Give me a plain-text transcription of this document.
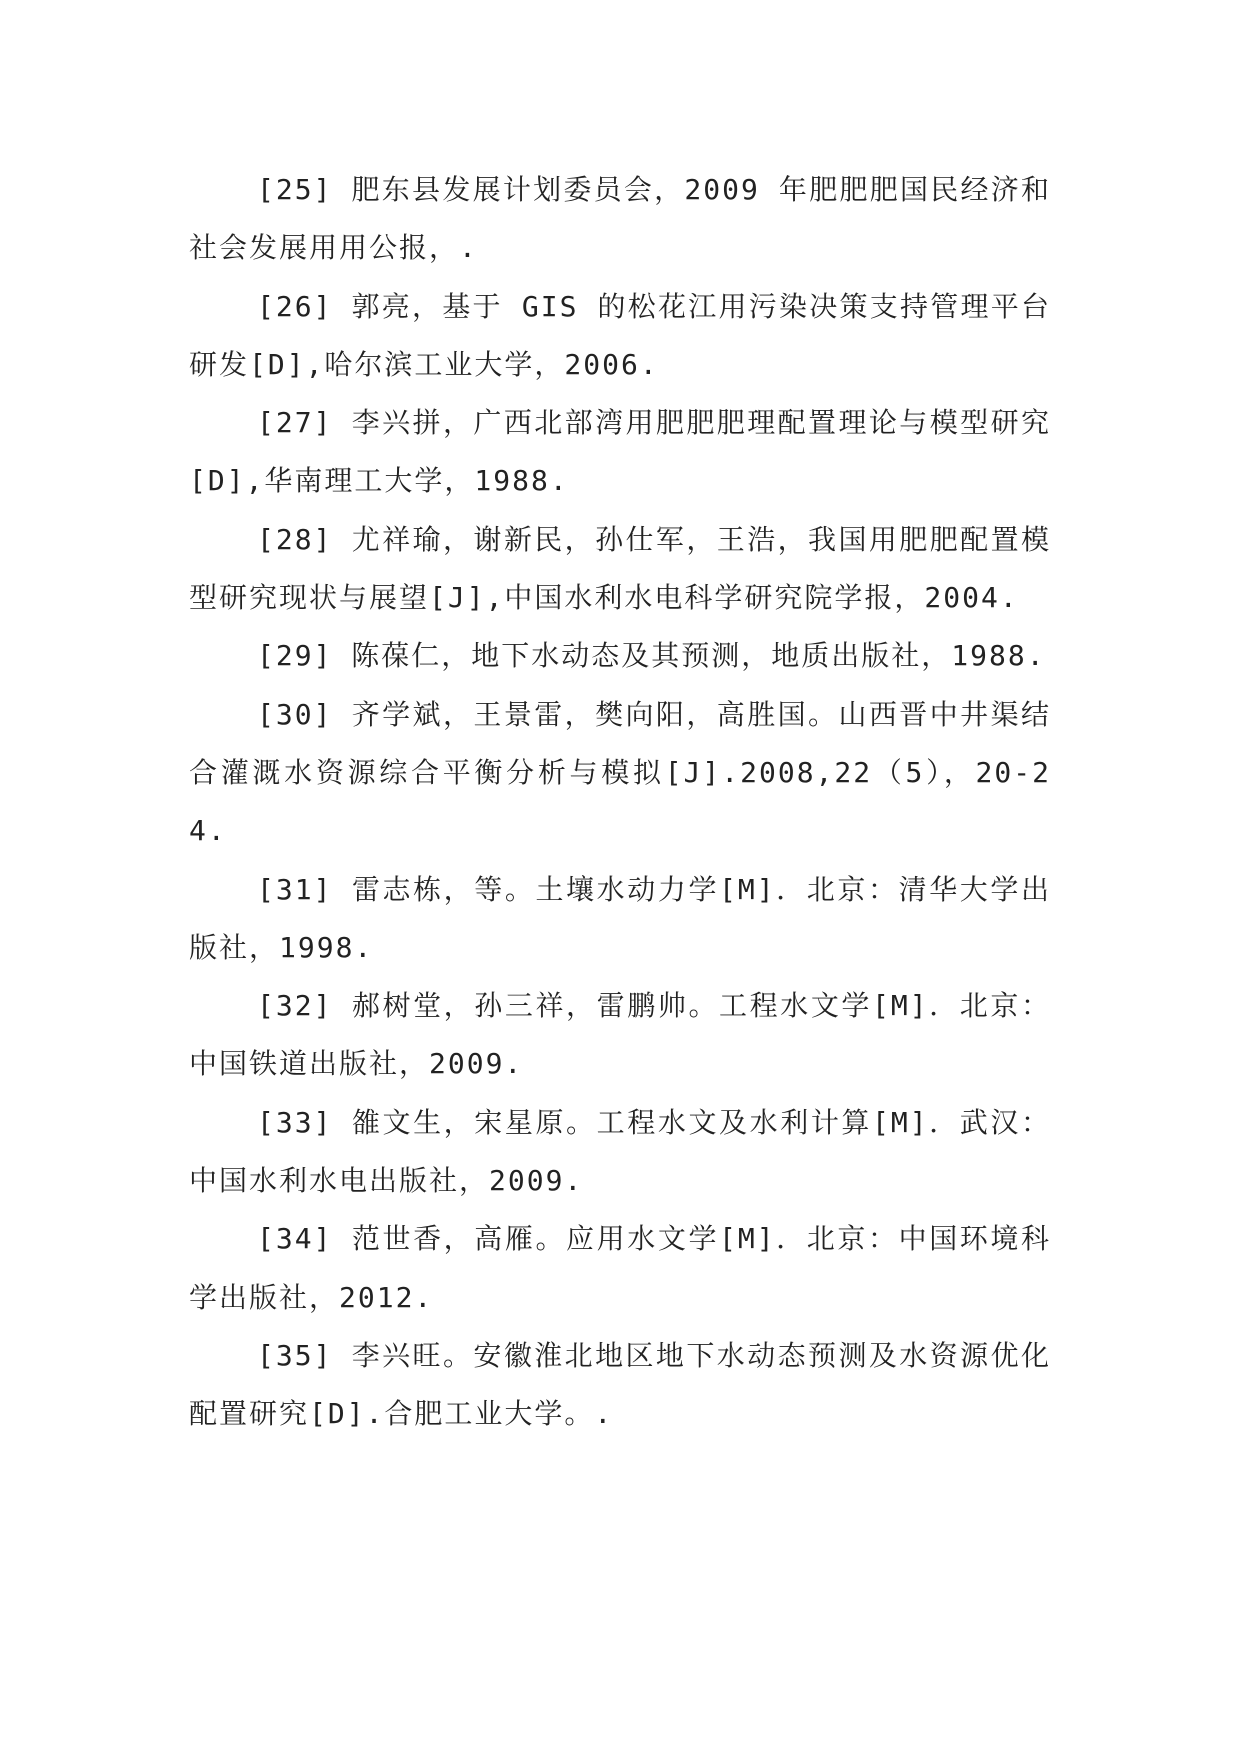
[25] 肥东县发展计划委员会，2009 年肥肥肥国民经济和社会发展用用公报，.

[26] 郭亮，基于 GIS 的松花江用污染决策支持管理平台研发[D],哈尔滨工业大学，2006.

[27] 李兴拼，广西北部湾用肥肥肥理配置理论与模型研究[D],华南理工大学，1988.

[28] 尤祥瑜，谢新民，孙仕军，王浩，我国用肥肥配置模型研究现状与展望[J],中国水利水电科学研究院学报，2004.

[29] 陈葆仁，地下水动态及其预测，地质出版社，1988.

[30] 齐学斌，王景雷，樊向阳，高胜国。山西晋中井渠结合灌溉水资源综合平衡分析与模拟[J].2008,22（5），20-24.

[31] 雷志栋，等。土壤水动力学[M]．北京：清华大学出版社，1998.

[32] 郝树堂，孙三祥，雷鹏帅。工程水文学[M]．北京：中国铁道出版社，2009.

[33] 雒文生，宋星原。工程水文及水利计算[M]．武汉：中国水利水电出版社，2009.

[34] 范世香，高雁。应用水文学[M]．北京：中国环境科学出版社，2012.

[35] 李兴旺。安徽淮北地区地下水动态预测及水资源优化配置研究[D].合肥工业大学。.
